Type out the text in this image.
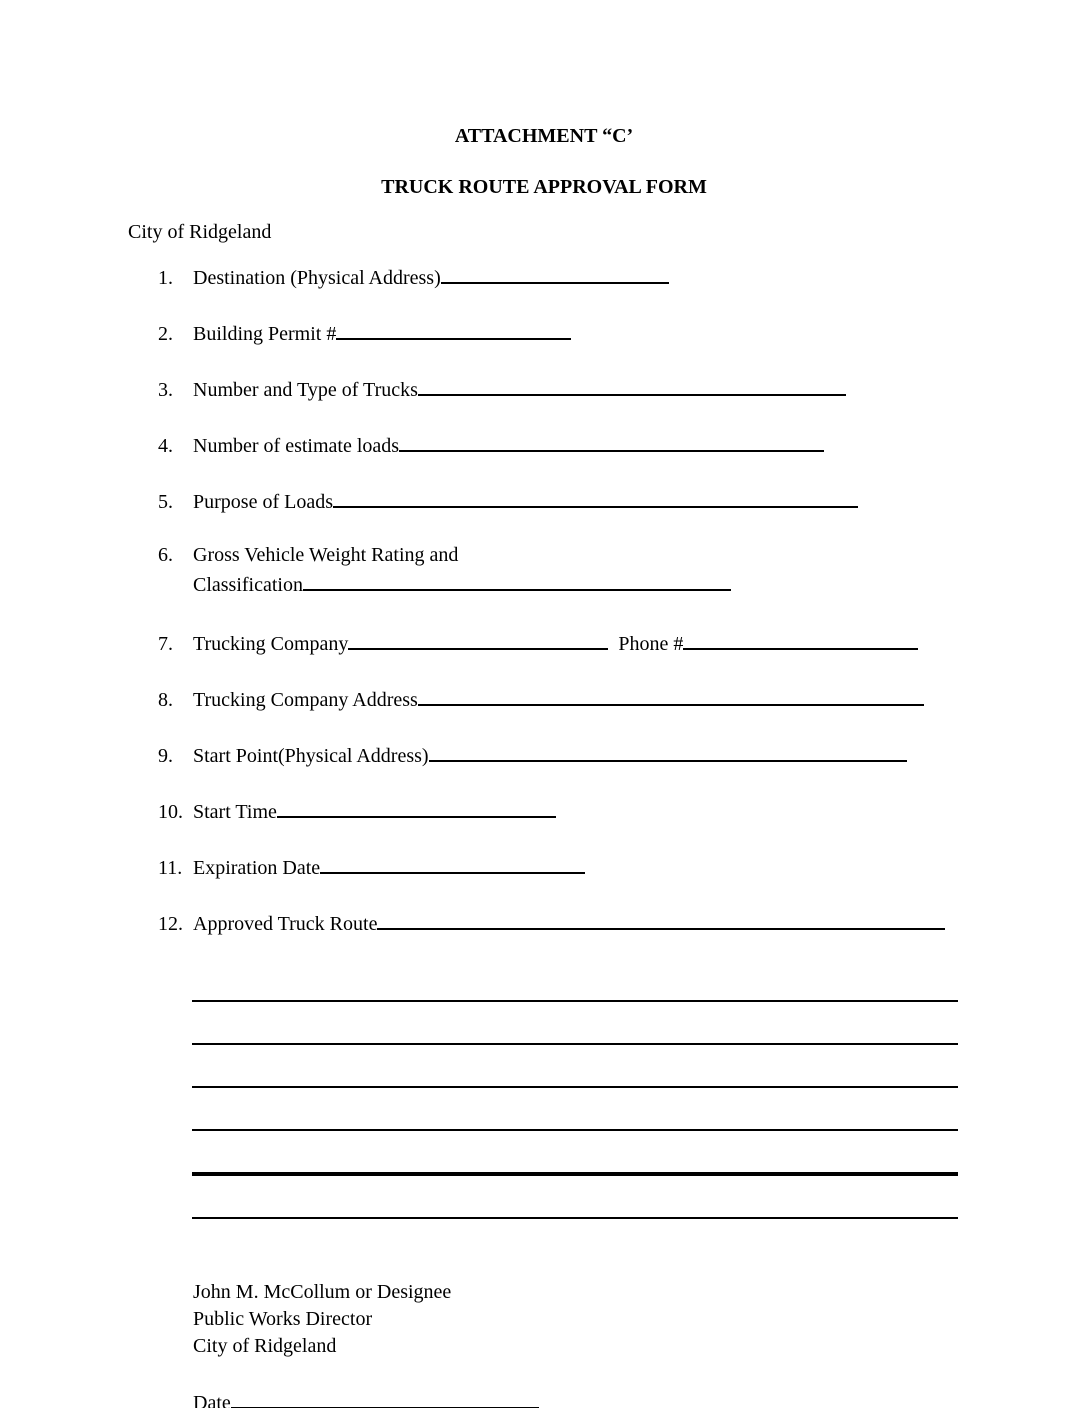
ATTACHMENT “C’
TRUCK ROUTE APPROVAL FORM
City of Ridgeland
1. Destination (Physical Address)
2. Building Permit #
3. Number and Type of Trucks
4. Number of estimate loads
5. Purpose of Loads
6. Gross Vehicle Weight Rating and
Classification
7. Trucking Company	Phone #
8. Trucking Company Address
9. Start Point(Physical Address)
10. Start Time
11. Expiration Date
12. Approved Truck Route
John M. McCollum or Designee
Public Works Director
City of Ridgeland
Date
